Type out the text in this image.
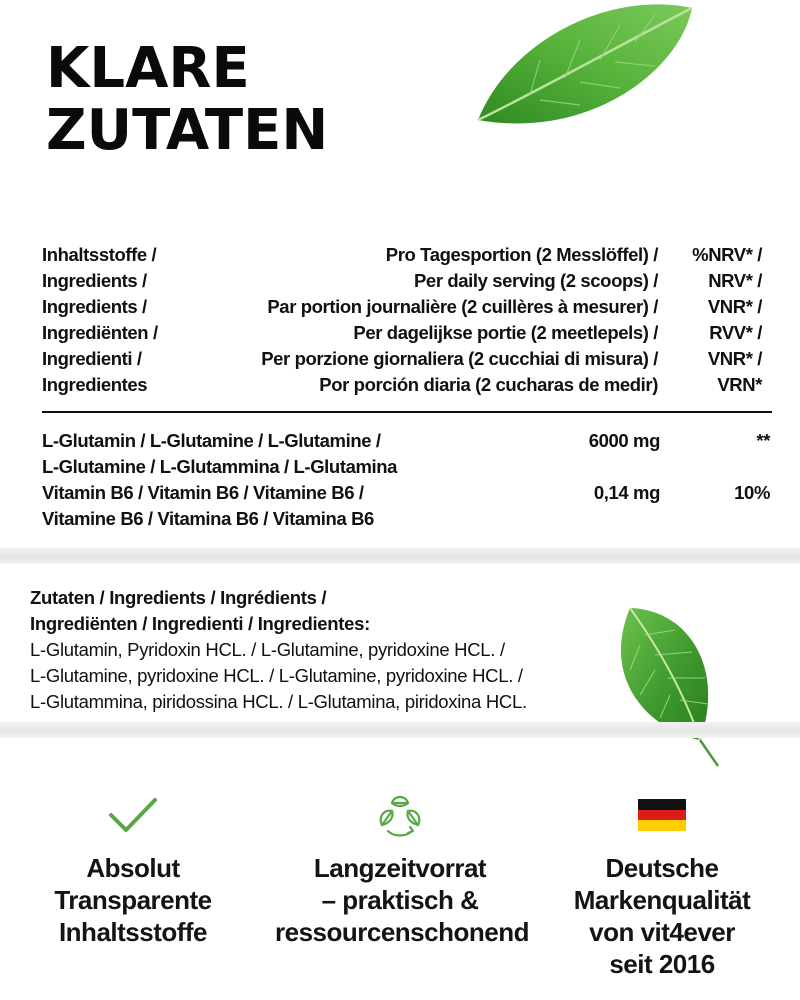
KLARE
ZUTATEN
Inhaltsstoffe /	Pro Tagesportion (2 Messlöffel) / %NRV* /
Ingredients /	Per daily serving (2 scoops) /	NRV* /
Ingredients /	Par portion journalière (2 cuillères à mesurer) /	VNR* /
Ingrediënten /	Per dagelijkse portie (2 meetlepels) /	RVV* /
Ingredienti /	Per porzione giornaliera (2 cucchiai di misura) /	VNR* /
Ingredientes	Por porción diaria (2 cucharas de medir)	VRN*
L-Glutamin / L-Glutamine / L-Glutamine /
L-Glutamine / L-Glutammina / L-Glutamina
6000 mg	**
Vitamin B6 / Vitamin B6 / Vitamine B6 /
Vitamine B6 / Vitamina B6 / Vitamina B6
0,14 mg	10%
Zutaten / Ingredients / Ingrédients /
Ingrediënten / Ingredienti / Ingredientes:
L-Glutamin, Pyridoxin HCL. / L-Glutamine, pyridoxine HCL. /
L-Glutamine, pyridoxine HCL. / L-Glutamine, pyridoxine HCL. /
L-Glutammina, piridossina HCL. / L-Glutamina, piridoxina HCL.
Absolut
Transparente
Inhaltsstoffe
Langzeitvorrat
– praktisch &
ressourcenschonend
Deutsche
Markenqualität
von vit4ever
seit 2016
